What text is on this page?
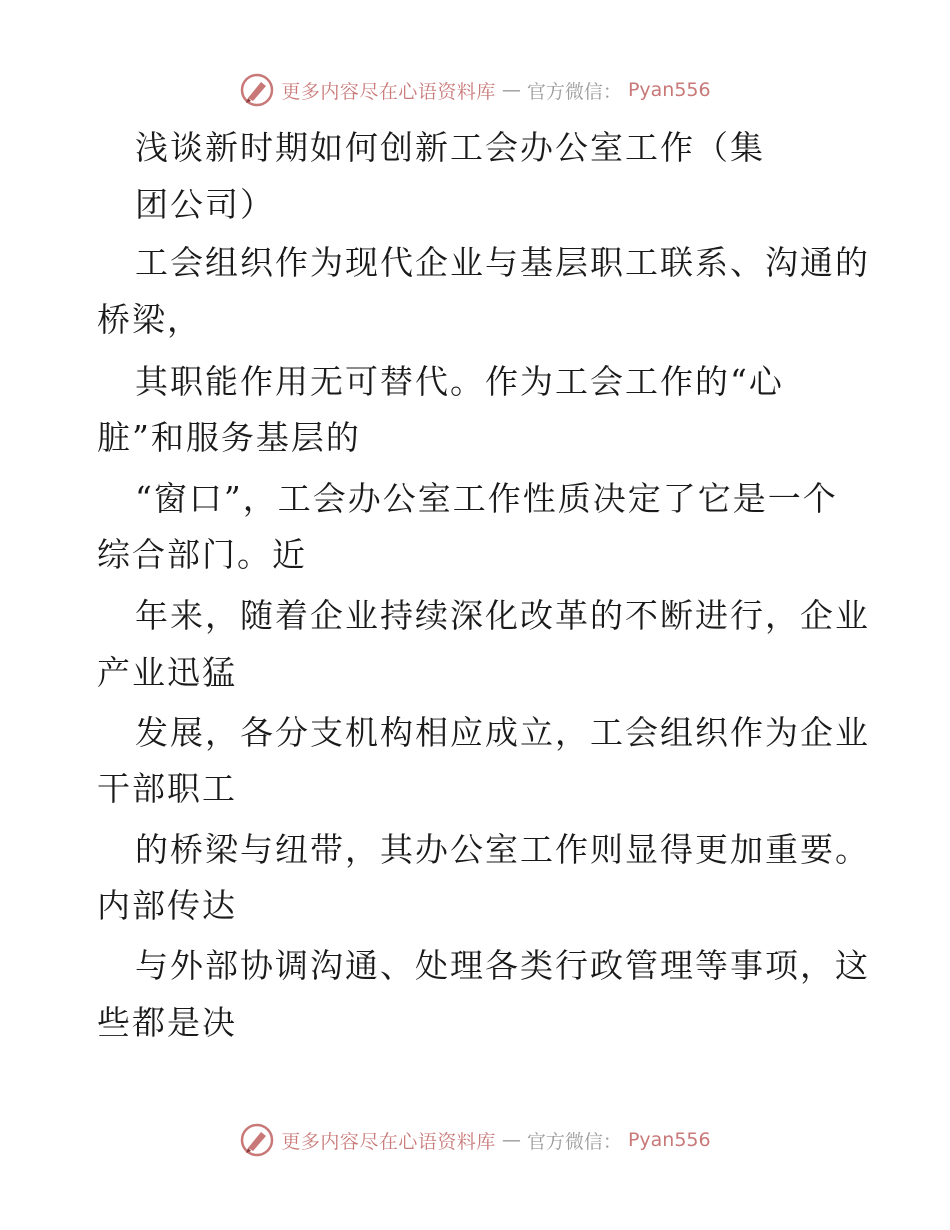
更多内容尽在心语资料库 — 官方微信： Pyan556
浅谈新时期如何创新工会办公室工作（集
团公司）
工会组织作为现代企业与基层职工联系、沟通的
桥梁，
其职能作用无可替代。作为工会工作的“心
脏”和服务基层的
“窗口”，工会办公室工作性质决定了它是一个
综合部门。近
年来，随着企业持续深化改革的不断进行，企业
产业迅猛
发展，各分支机构相应成立，工会组织作为企业
干部职工
的桥梁与纽带，其办公室工作则显得更加重要。
内部传达
与外部协调沟通、处理各类行政管理等事项，这
些都是决
更多内容尽在心语资料库 — 官方微信： Pyan556
